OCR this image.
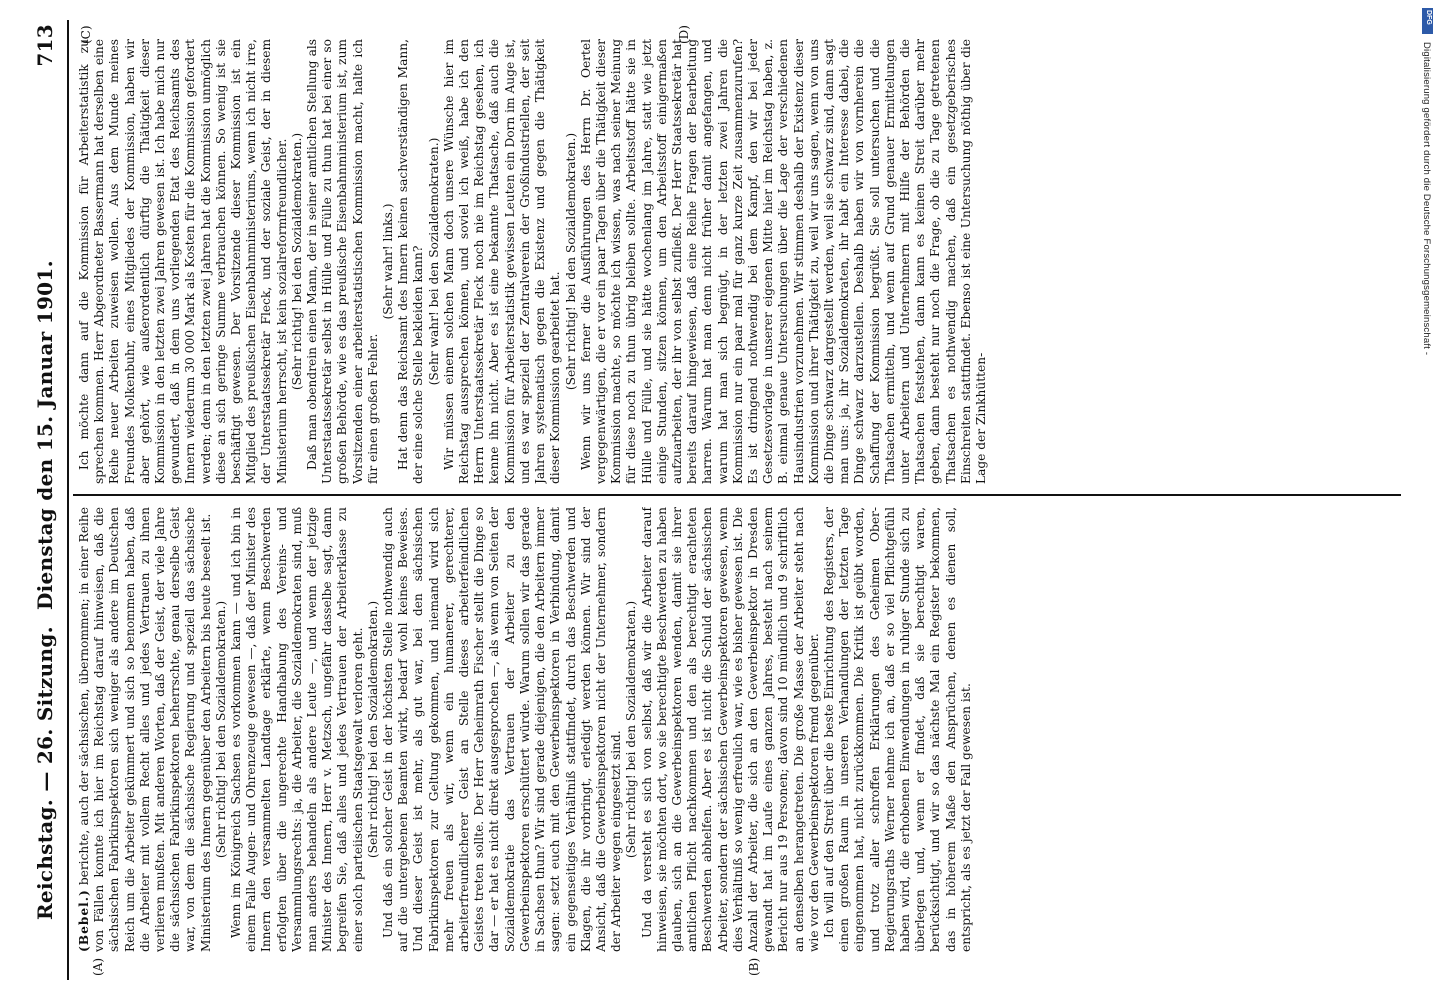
Reichstag. — 26. Sitzung.
Dienstag den 15. Januar 1901.
713
(A)	(B)
(C)	(D)

(Bebel.) berichte, auch der sächsischen, übernommen; in einer Reihe von Fällen konnte ich hier im Reichstag darauf hinweisen, daß die sächsischen Fabrikinspektoren sich weniger als andere im Deutschen Reich um die Arbeiter gekümmert und sich so benommen haben, daß die Arbeiter mit vollem Recht alles und jedes Vertrauen zu ihnen verlieren mußten. Mit anderen Worten, daß der Geist, der viele Jahre die sächsischen Fabrikinspektoren beherrschte, genau derselbe Geist war, von dem die sächsische Regierung und speziell das sächsische Ministerium des Innern gegenüber den Arbeitern bis heute beseelt ist. (Sehr richtig! bei den Sozialdemokraten.) Wenn im Königreich Sachsen es vorkommen kann — und ich bin in einem Falle Augen- und Ohrenzeuge gewesen —, daß der Minister des Innern den versammelten Landtage erklärte, wenn Beschwerden erfolgten über die ungerechte Handhabung des Vereins- und Versammlungsrechts: ja, die Arbeiter, die Sozialdemokraten sind, muß man anders behandeln als andere Leute —, und wenn der jetzige Minister des Innern, Herr v. Metzsch, ungefähr dasselbe sagt, dann begreifen Sie, daß alles und jedes Vertrauen der Arbeiterklasse zu einer solch parteiischen Staatsgewalt verloren geht. (Sehr richtig! bei den Sozialdemokraten.) Und daß ein solcher Geist in der höchsten Stelle nothwendig auch auf die untergebenen Beamten wirkt, bedarf wohl keines Beweises. Und dieser Geist ist mehr, als gut war, bei den sächsischen Fabrikinspektoren zur Geltung gekommen, und niemand wird sich mehr freuen als wir, wenn ein humanerer, gerechterer, arbeiterfreundlicherer Geist an Stelle dieses arbeiterfeindlichen Geistes treten sollte. Der Herr Geheimrath Fischer stellt die Dinge so dar — er hat es nicht direkt ausgesprochen —, als wenn von Seiten der Sozialdemokratie das Vertrauen der Arbeiter zu den Gewerbeinspektoren erschüttert würde. Warum sollen wir das gerade in Sachsen thun? Wir sind gerade diejenigen, die den Arbeitern immer sagen: setzt euch mit den Gewerbeinspektoren in Verbindung, damit ein gegenseitiges Verhältniß stattfindet, durch das Beschwerden und Klagen, die ihr vorbringt, erledigt werden können. Wir sind der Ansicht, daß die Gewerbeinspektoren nicht der Unternehmer, sondern der Arbeiter wegen eingesetzt sind. (Sehr richtig! bei den Sozialdemokraten.) Und da versteht es sich von selbst, daß wir die Arbeiter darauf hinweisen, sie möchten dort, wo sie berechtigte Beschwerden zu haben glauben, sich an die Gewerbeinspektoren wenden, damit sie ihrer amtlichen Pflicht nachkommen und den als berechtigt erachteten Beschwerden abhelfen. Aber es ist nicht die Schuld der sächsischen Arbeiter, sondern der sächsischen Gewerbeinspektoren gewesen, wenn dies Verhältniß so wenig erfreulich war, wie es bisher gewesen ist. Die Anzahl der Arbeiter, die sich an den Gewerbeinspektor in Dresden gewandt hat im Laufe eines ganzen Jahres, besteht nach seinem Bericht nur aus 19 Personen; davon sind 10 mündlich und 9 schriftlich an denselben herangetreten. Die große Masse der Arbeiter steht nach wie vor den Gewerbeinspektoren fremd gegenüber. Ich will auf den Streit über die beste Einrichtung des Registers, der einen großen Raum in unseren Verhandlungen der letzten Tage eingenommen hat, nicht zurückkommen. Die Kritik ist geübt worden, und trotz aller schroffen Erklärungen des Geheimen Ober-Regierungsraths Werner nehme ich an, daß er so viel Pflichtgefühl haben wird, die erhobenen Einwendungen in ruhiger Stunde sich zu überlegen und, wenn er findet, daß sie berechtigt waren, berücksichtigt, und wir so das nächste Mal ein Register bekommen, das in höherem Maße den Ansprüchen, denen es dienen soll, entspricht, als es jetzt der Fall gewesen ist.

Ich möchte dann auf die Kommission für Arbeiterstatistik zu sprechen kommen. Herr Abgeordneter Bassermann hat derselben eine Reihe neuer Arbeiten zuweisen wollen. Aus dem Munde meines Freundes Molkenbuhr, eines Mitgliedes der Kommission, haben wir aber gehört, wie außerordentlich dürftig die Thätigkeit dieser Kommission in den letzten zwei Jahren gewesen ist. Ich habe mich nur gewundert, daß in dem uns vorliegenden Etat des Reichsamts des Innern wiederum 30 000 Mark als Kosten für die Kommission gefordert werden; denn in den letzten zwei Jahren hat die Kommission unmöglich diese an sich geringe Summe verbrauchen können. So wenig ist sie beschäftigt gewesen. Der Vorsitzende dieser Kommission ist ein Mitglied des preußischen Eisenbahnministeriums, wenn ich nicht irre, der Unterstaatssekretär Fleck, und der soziale Geist, der in diesem Ministerium herrscht, ist kein sozialreformfreundlicher. (Sehr richtig! bei den Sozialdemokraten.) Daß man obendrein einen Mann, der in seiner amtlichen Stellung als Unterstaatssekretär selbst in Hülle und Fülle zu thun hat bei einer so großen Behörde, wie es das preußische Eisenbahnministerium ist, zum Vorsitzenden einer arbeiterstatistischen Kommission macht, halte ich für einen großen Fehler.

(Sehr wahr! links.) Hat denn das Reichsamt des Innern keinen sachverständigen Mann, der eine solche Stelle bekleiden kann? (Sehr wahr! bei den Sozialdemokraten.) Wir müssen einem solchen Mann doch unsere Wünsche hier im Reichstag aussprechen können, und soviel ich weiß, habe ich den Herrn Unterstaatssekretär Fleck noch nie im Reichstag gesehen, ich kenne ihn nicht. Aber es ist eine bekannte Thatsache, daß auch die Kommission für Arbeiterstatistik gewissen Leuten ein Dorn im Auge ist, und es war speziell der Zentralverein der Großindustriellen, der seit Jahren systematisch gegen die Existenz und gegen die Thätigkeit dieser Kommission gearbeitet hat. (Sehr richtig! bei den Sozialdemokraten.) Wenn wir uns ferner die Ausführungen des Herrn Dr. Oertel vergegenwärtigen, die er vor ein paar Tagen über die Thätigkeit dieser Kommission machte, so möchte ich wissen, was nach seiner Meinung für diese noch zu thun übrig bleiben sollte. Arbeitsstoff hätte sie in Hülle und Fülle, und sie hätte wochenlang im Jahre, statt wie jetzt einige Stunden, sitzen können, um den Arbeitsstoff einigermaßen aufzuarbeiten, der ihr von selbst zufließt. Der Herr Staatssekretär hat bereits darauf hingewiesen, daß eine Reihe Fragen der Bearbeitung harren. Warum hat man denn nicht früher damit angefangen, und warum hat man sich begnügt, in der letzten zwei Jahren die Kommission nur ein paar mal für ganz kurze Zeit zusammenzurufen? Es ist dringend nothwendig bei dem Kampf, den wir bei jeder Gesetzesvorlage in unserer eigenen Mitte hier im Reichstag haben, z. B. einmal genaue Untersuchungen über die Lage der verschiedenen Hausindustrien vorzunehmen. Wir stimmen deshalb der Existenz dieser Kommission und ihrer Thätigkeit zu, weil wir uns sagen, wenn von uns die Dinge schwarz dargestellt werden, weil sie schwarz sind, dann sagt man uns: ja, ihr Sozialdemokraten, ihr habt ein Interesse dabei, die Dinge schwarz darzustellen. Deshalb haben wir von vornherein die Schaffung der Kommission begrüßt. Sie soll untersuchen und die Thatsachen ermitteln, und wenn auf Grund genauer Ermittelungen unter Arbeitern und Unternehmern mit Hilfe der Behörden die Thatsachen feststehen, dann kann es keinen Streit darüber mehr geben, dann besteht nur noch die Frage, ob die zu Tage getretenen Thatsachen es nothwendig machen, daß ein gesetzgeberisches Einschreiten stattfindet. Ebenso ist eine Untersuchung nöthig über die Lage der Zinkhütten-

DFG
Digitalisierung gefördert durch die Deutsche Forschungsgemeinschaft -
